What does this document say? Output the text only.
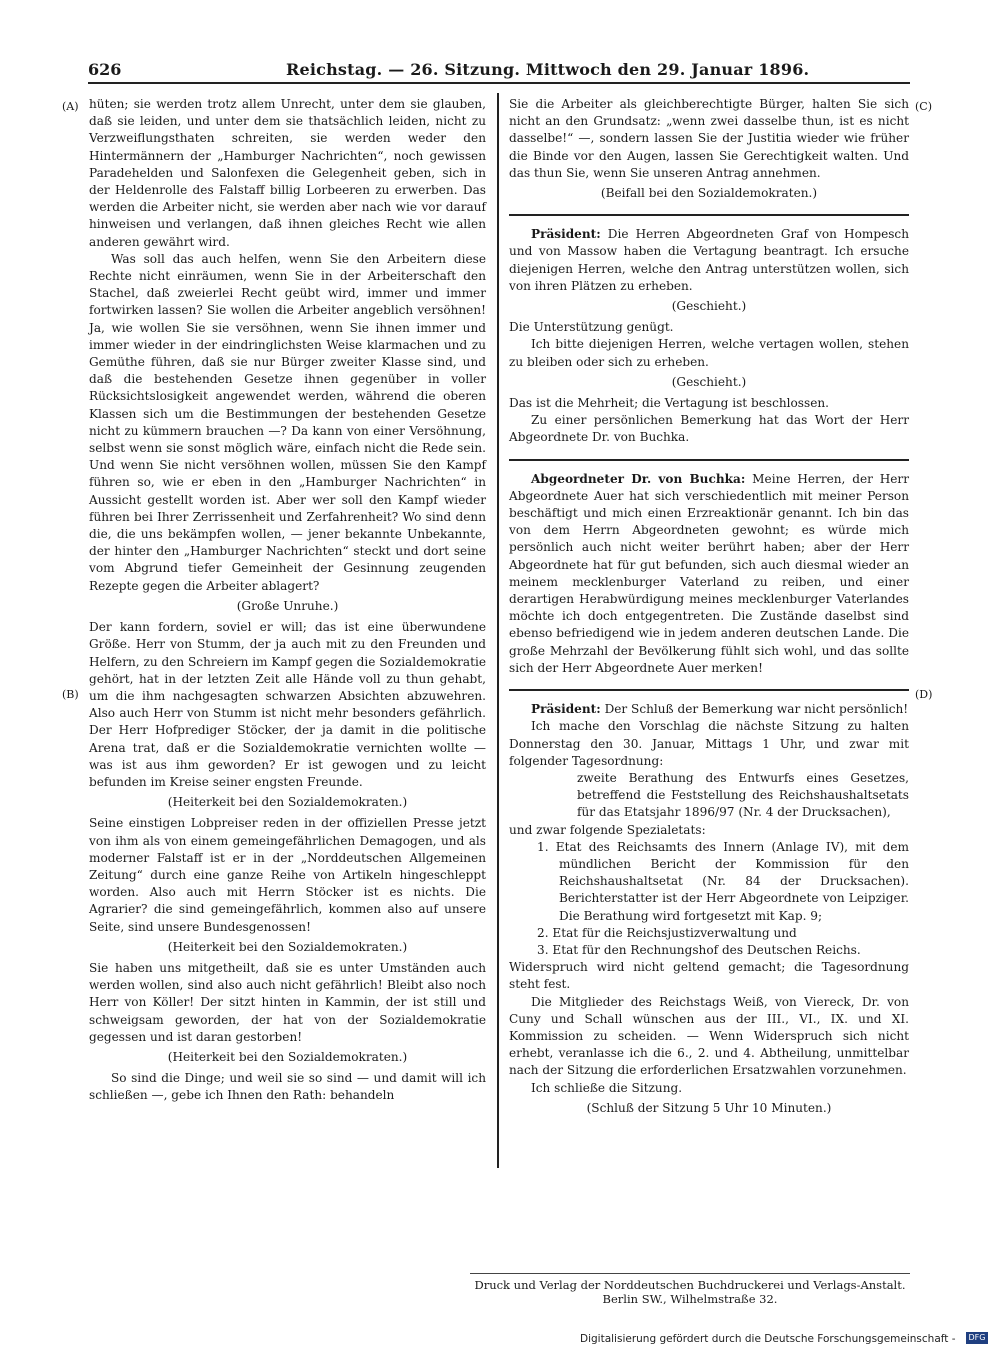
626	Reichstag. — 26. Sitzung. Mittwoch den 29. Januar 1896.
(A)
(B)
(C)
(D)

hüten; sie werden trotz allem Unrecht, unter dem sie glauben, daß sie leiden, und unter dem sie thatsächlich leiden, nicht zu Verzweiflungsthaten schreiten, sie werden weder den Hintermännern der „Hamburger Nachrichten“, noch gewissen Paradehelden und Salonfexen die Gelegenheit geben, sich in der Heldenrolle des Falstaff billig Lorbeeren zu erwerben. Das werden die Arbeiter nicht, sie werden aber nach wie vor darauf hinweisen und verlangen, daß ihnen gleiches Recht wie allen anderen gewährt wird.

Was soll das auch helfen, wenn Sie den Arbeitern diese Rechte nicht einräumen, wenn Sie in der Arbeiterschaft den Stachel, daß zweierlei Recht geübt wird, immer und immer fortwirken lassen? Sie wollen die Arbeiter angeblich versöhnen! Ja, wie wollen Sie sie versöhnen, wenn Sie ihnen immer und immer wieder in der eindringlichsten Weise klarmachen und zu Gemüthe führen, daß sie nur Bürger zweiter Klasse sind, und daß die bestehenden Gesetze ihnen gegenüber in voller Rücksichtslosigkeit angewendet werden, während die oberen Klassen sich um die Bestimmungen der bestehenden Gesetze nicht zu kümmern brauchen —? Da kann von einer Versöhnung, selbst wenn sie sonst möglich wäre, einfach nicht die Rede sein. Und wenn Sie nicht versöhnen wollen, müssen Sie den Kampf führen so, wie er eben in den „Hamburger Nachrichten“ in Aussicht gestellt worden ist. Aber wer soll den Kampf wieder führen bei Ihrer Zerrissenheit und Zerfahrenheit? Wo sind denn die, die uns bekämpfen wollen, — jener bekannte Unbekannte, der hinter den „Hamburger Nachrichten“ steckt und dort seine vom Abgrund tiefer Gemeinheit der Gesinnung zeugenden Rezepte gegen die Arbeiter ablagert?

(Große Unruhe.)

Der kann fordern, soviel er will; das ist eine überwundene Größe. Herr von Stumm, der ja auch mit zu den Freunden und Helfern, zu den Schreiern im Kampf gegen die Sozialdemokratie gehört, hat in der letzten Zeit alle Hände voll zu thun gehabt, um die ihm nachgesagten schwarzen Absichten abzuwehren. Also auch Herr von Stumm ist nicht mehr besonders gefährlich. Der Herr Hofprediger Stöcker, der ja damit in die politische Arena trat, daß er die Sozialdemokratie vernichten wollte — was ist aus ihm geworden? Er ist gewogen und zu leicht befunden im Kreise seiner engsten Freunde.

(Heiterkeit bei den Sozialdemokraten.)

Seine einstigen Lobpreiser reden in der offiziellen Presse jetzt von ihm als von einem gemeingefährlichen Demagogen, und als moderner Falstaff ist er in der „Norddeutschen Allgemeinen Zeitung“ durch eine ganze Reihe von Artikeln hingeschleppt worden. Also auch mit Herrn Stöcker ist es nichts. Die Agrarier? die sind gemeingefährlich, kommen also auf unsere Seite, sind unsere Bundesgenossen!

(Heiterkeit bei den Sozialdemokraten.)

Sie haben uns mitgetheilt, daß sie es unter Umständen auch werden wollen, sind also auch nicht gefährlich! Bleibt also noch Herr von Köller! Der sitzt hinten in Kammin, der ist still und schweigsam geworden, der hat von der Sozialdemokratie gegessen und ist daran gestorben!

(Heiterkeit bei den Sozialdemokraten.)

So sind die Dinge; und weil sie so sind — und damit will ich schließen —, gebe ich Ihnen den Rath: behandeln

Sie die Arbeiter als gleichberechtigte Bürger, halten Sie sich nicht an den Grundsatz: „wenn zwei dasselbe thun, ist es nicht dasselbe!“ —, sondern lassen Sie der Justitia wieder wie früher die Binde vor den Augen, lassen Sie Gerechtigkeit walten. Und das thun Sie, wenn Sie unseren Antrag annehmen.

(Beifall bei den Sozialdemokraten.)

Präsident: Die Herren Abgeordneten Graf von Hompesch und von Massow haben die Vertagung beantragt. Ich ersuche diejenigen Herren, welche den Antrag unterstützen wollen, sich von ihren Plätzen zu erheben.

(Geschieht.)

Die Unterstützung genügt.

Ich bitte diejenigen Herren, welche vertagen wollen, stehen zu bleiben oder sich zu erheben.

(Geschieht.)

Das ist die Mehrheit; die Vertagung ist beschlossen.

Zu einer persönlichen Bemerkung hat das Wort der Herr Abgeordnete Dr. von Buchka.

Abgeordneter Dr. von Buchka: Meine Herren, der Herr Abgeordnete Auer hat sich verschiedentlich mit meiner Person beschäftigt und mich einen Erzreaktionär genannt. Ich bin das von dem Herrn Abgeordneten gewohnt; es würde mich persönlich auch nicht weiter berührt haben; aber der Herr Abgeordnete hat für gut befunden, sich auch diesmal wieder an meinem mecklenburger Vaterland zu reiben, und einer derartigen Herabwürdigung meines mecklenburger Vaterlandes möchte ich doch entgegentreten. Die Zustände daselbst sind ebenso befriedigend wie in jedem anderen deutschen Lande. Die große Mehrzahl der Bevölkerung fühlt sich wohl, und das sollte sich der Herr Abgeordnete Auer merken!

Präsident: Der Schluß der Bemerkung war nicht persönlich!

Ich mache den Vorschlag die nächste Sitzung zu halten Donnerstag den 30. Januar, Mittags 1 Uhr, und zwar mit folgender Tagesordnung:

zweite Berathung des Entwurfs eines Gesetzes, betreffend die Feststellung des Reichshaushaltsetats für das Etatsjahr 1896/97 (Nr. 4 der Drucksachen),

und zwar folgende Spezialetats:

1. Etat des Reichsamts des Innern (Anlage IV), mit dem mündlichen Bericht der Kommission für den Reichshaushaltsetat (Nr. 84 der Drucksachen). Berichterstatter ist der Herr Abgeordnete von Leipziger. Die Berathung wird fortgesetzt mit Kap. 9;
2. Etat für die Reichsjustizverwaltung und
3. Etat für den Rechnungshof des Deutschen Reichs.

Widerspruch wird nicht geltend gemacht; die Tagesordnung steht fest.

Die Mitglieder des Reichstags Weiß, von Viereck, Dr. von Cuny und Schall wünschen aus der III., VI., IX. und XI. Kommission zu scheiden. — Wenn Widerspruch sich nicht erhebt, veranlasse ich die 6., 2. und 4. Abtheilung, unmittelbar nach der Sitzung die erforderlichen Ersatzwahlen vorzunehmen.

Ich schließe die Sitzung.

(Schluß der Sitzung 5 Uhr 10 Minuten.)

Druck und Verlag der Norddeutschen Buchdruckerei und Verlags-Anstalt.
Berlin SW., Wilhelmstraße 32.
Digitalisierung gefördert durch die Deutsche Forschungsgemeinschaft -	DFG
